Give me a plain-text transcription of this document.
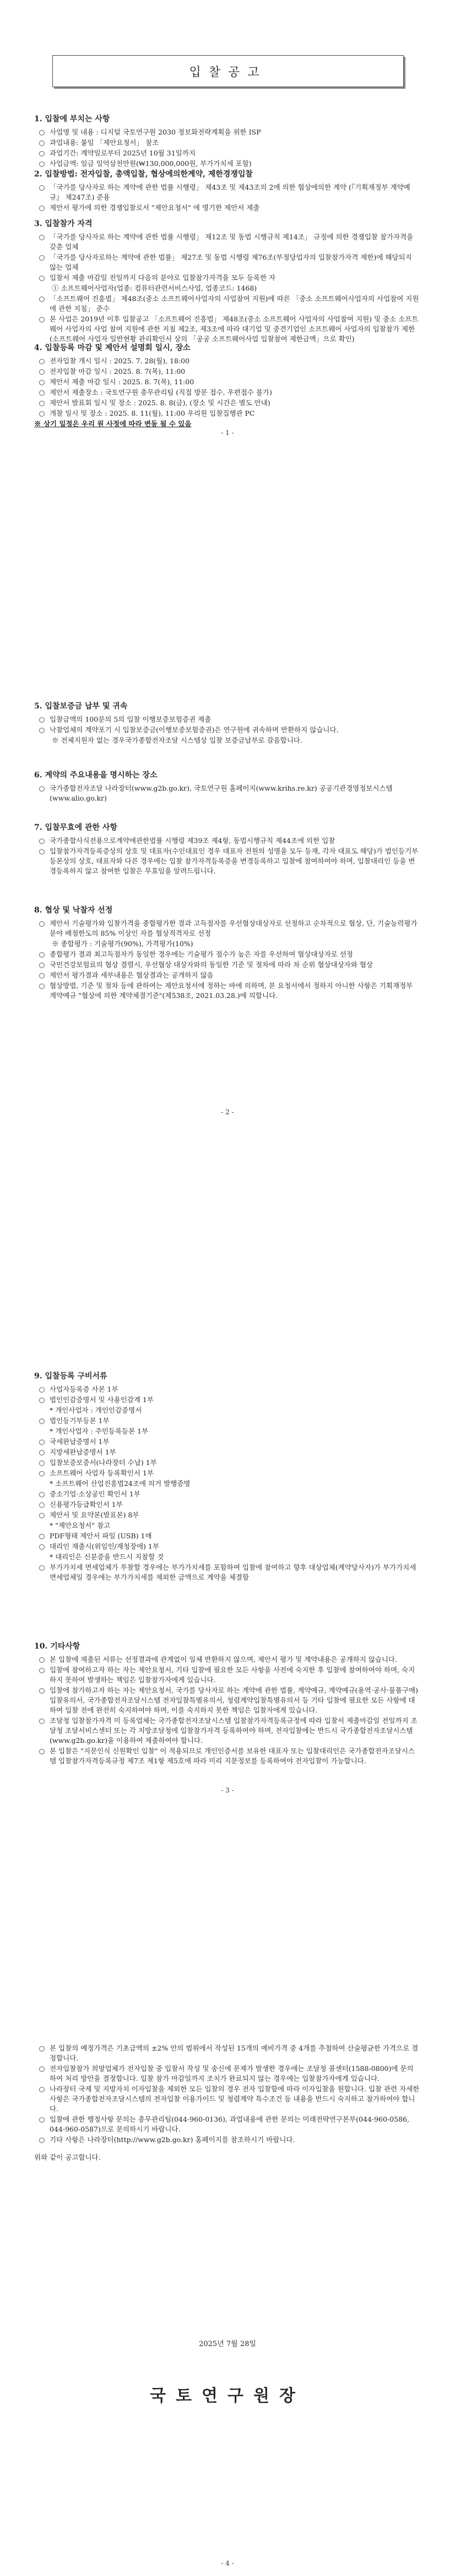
입찰공고
1. 입찰에 부치는 사항
○ 사업명 및 내용 : 디지털 국토연구원 2030 정보화전략계획을 위한 ISP
○ 과업내용: 붙임 「제안요청서」 참조
○ 과업기간: 계약일로부터 2025년 10월 31일까지
○ 사업금액: 일금 일억삼천만원(₩130,000,000원, 부가가치세 포함)
2. 입찰방법: 전자입찰, 총액입찰, 협상에의한계약, 제한경쟁입찰
○ 「국가를 당사자로 하는 계약에 관한 법률 시행령」 제43조 및 제43조의 2에 의한 협상에의한 계약 (『기획재정부 계약예규』 제247조) 준용
○ 제안서 평가에 의한 경쟁입찰로서 "제안요청서" 에 명기한 제안서 제출
3. 입찰참가 자격
○ 「국가를 당사자로 하는 계약에 관한 법률 시행령」 제12조 및 동법 시행규칙 제14조」 규정에 의한 경쟁입찰 참가자격을 갖춘 업체
○ 「국가를 당사자로하는 계약에 관한 법률」 제27조 및 동법 시행령 제76조(부정당업자의 입찰참가자격 제한)에 해당되지 않는 업체
○ 입찰서 제출 마감일 전일까지 다음의 분야로 입찰참가자격을 모두 등록한 자
① 소프트웨어사업자(업종: 컴퓨터관련서비스사업, 업종코드: 1468)
○ 「소프트웨어 진흥법」 제48조(중소 소프트웨어사업자의 사업참여 지원)에 따른 「중소 소프트웨어사업자의 사업참여 지원에 관한 지침」 준수
○ 본 사업은 2019년 이후 입찰공고 「소프트웨어 진흥법」 제48조(중소 소프트웨어 사업자의 사업참여 지원) 및 중소 소프트웨어 사업자의 사업 참여 지원에 관한 지침 제2조, 제3조에 따라 대기업 및 중견기업인 소프트웨어 사업자의 입찰참가 제한(소프트웨어 사업자 일반현황 관리확인서 상의 「공공 소프트웨어사업 입찰참여 제한금액」으로 확인)
4. 입찰등록 마감 및 제안서 설명회 일시, 장소
○ 전자입찰 개시 일시 : 2025. 7. 28(월), 18:00
○ 전자입찰 마감 일시 : 2025. 8. 7(목), 11:00
○ 제안서 제출 마감 일시 : 2025. 8. 7(목), 11:00
○ 제안서 제출장소 : 국토연구원 총무관리팀 (직접 방문 접수, 우편접수 불가)
○ 제안서 발표회 일시 및 장소 : 2025. 8. 8(금), (장소 및 시간은 별도 안내)
○ 개찰 일시 및 장소 : 2025. 8. 11(월), 11:00 우리원 입찰집행관 PC
※ 상기 일정은 우리 원 사정에 따라 변동 될 수 있음
- 1 -
5. 입찰보증금 납부 및 귀속
○ 입찰금액의 100분의 5의 입찰 이행보증보험증권 제출
○ 낙찰업체의 계약포기 시 입찰보증금(이행보증보험증권)은 연구원에 귀속하며 반환하지 않습니다.
※ 전체지원자 없는 경우국가종합전자조달 시스템상 입찰 보증금납부로 갈음합니다.
6. 계약의 주요내용을 명시하는 장소
○ 국가종합전자조달 나라장터(www.g2b.go.kr), 국토연구원 홈페이지(www.krihs.re.kr) 공공기관경영정보시스템(www.alio.go.kr)
7. 입찰무효에 관한 사항
○ 국가종합사식전용으로계약에관한법률 시행령 제39조 제4항, 동법시행규칙 제44조에 의한 입찰
○ 입찰참가자격등록증상의 상호 및 대표자(수인대표인 경우 대표자 전원의 성명을 모두 등재, 각자 대표도 해당)가 법인등기부등본상의 상호, 대표자와 다른 경우에는 입찰 참가자격등록증을 변경등록하고 입찰에 참여하여야 하며, 입찰대리인 등을 변경등록하지 않고 참여한 입찰은 무효임을 알려드립니다.
8. 협상 및 낙찰자 선정
○ 제안서 기술평가와 입찰가격을 종합평가한 결과 고득점자를 우선협상대상자로 선정하고 순차적으로 협상, 단, 기술능력평가분야 배점한도의 85% 이상인 자를 협상적격자로 선정
※ 종합평가 : 기술평가(90%), 가격평가(10%)
○ 종합평가 결과 최고득점자가 동일한 경우에는 기술평가 점수가 높은 자를 우선하여 협상대상자로 선정
○ 국민건강보험료의 협상 결렬시, 우선협상 대상자와의 동일한 기준 및 절차에 따라 차 순위 협상대상자와 협상
○ 제안서 평가결과 세부내용은 협상결과는 공개하지 않음
○ 협상방법, 기준 및 절차 등에 관하여는 제안요청서에 정하는 바에 의하며, 본 요청서에서 정하지 아니한 사항은 기획재정부 계약예규 "협상에 의한 계약체결기준"(제538조, 2021.03.28.)에 의합니다.
- 2 -
9. 입찰등록 구비서류
○ 사업자등록증 사본 1부
○ 법인인감증명서 및 사용인감계 1부
* 개인사업자 : 개인인감증명서
○ 법인등기부등본 1부
* 개인사업자 : 주민등록등본 1부
○ 국세완납증명서 1부
○ 지방세완납증명서 1부
○ 입찰보증보증서(나라장터 수납) 1부
○ 소프트웨어 사업자 등록확인서 1부
* 소프트웨어 산업진흥법24조에 의거 발행증명
○ 중소기업·소상공인 확인서 1부
○ 신용평가등급확인서 1부
○ 제안서 및 요약본(발표본) 8부
* "제안요청서" 참고
○ PDF형태 제안서 파일 (USB) 1매
○ 대리인 재출시(위임인/재청장에) 1부
* 대리인은 신분증을 반드시 지참할 것
○ 부가가치세 면세업체가 투찰할 경우에는 부가가치세를 포함하여 입찰에 참여하고 향후 대상업체(계약당사자)가 부가가치세 면세업체일 경우에는 부가가치세를 제외한 금액으로 계약을 체결함
10. 기타사항
○ 본 입찰에 제출된 서류는 선정결과에 관계없이 일체 반환하지 않으며, 제안서 평가 및 계약내용은 공개하지 않습니다.
○ 입찰에 참여하고자 하는 자는 제안요청서, 기타 입찰에 필요한 모든 사항을 사전에 숙지한 후 입찰에 참여하여야 하며, 숙지하지 못하여 발생하는 책임은 입찰참가자에게 있습니다.
○ 입찰에 참가하고자 하는 자는 제안요청서, 국가를 당사자로 하는 계약에 관한 법률, 계약예규, 계약예규(용역·공사·물품구매) 입찰유의서, 국가종합전자조달시스템 전자입찰특별유의서, 청렴계약입찰특별유의서 등 기타 입찰에 필요한 모든 사항에 대하여 입찰 전에 완전히 숙지하여야 하며, 이를 숙지하지 못한 책임은 입찰자에게 있습니다.
○ 조달청 입찰참가자격 미 등록업체는 국가종합전자조달시스템 입찰참가자격등록규정에 따라 입찰서 제출마감일 전일까지 조달청 조달서비스센터 또는 각 지방조달청에 입찰참가자격 등록하여야 하며, 전자입찰에는 반드시 국가종합전자조달시스템(www.g2b.go.kr)을 이용하여 제출하여야 합니다.
○ 본 입찰은 "지문인식 신원확인 입찰" 이 적용되므로 개인인증서를 보유한 대표자 또는 입찰대리인은 국가종합전자조달시스템 입찰참가자격등록규정 제7조 제1항 제5호에 따라 미리 지문정보를 등록하여야 전자입찰이 가능합니다.
- 3 -
○ 본 입찰의 예정가격은 기초금액의 ±2% 안의 범위에서 작성된 15개의 예비가격 중 4개를 추첨하여 산술평균한 가격으로 결정합니다.
○ 전자입찰참가 희망업체가 전자입찰 중 입찰서 작성 및 송신에 문제가 발생한 경우에는 조달청 콜센터(1588-0800)에 문의하여 처리 방안을 결정합니다. 입찰 참가 마감일까지 조치가 완료되지 않는 경우에는 입찰참가자에게 있습니다.
○ 나라장터 국제 및 지방자치 이자입찰을 제외한 모든 입찰의 경우 전자 입찰함에 따라 이자입찰을 원합니다. 입찰 관련 자세한 사항은 국가종합전자조달시스템의 전자입찰 이용가이드 및 청렴계약 특수조건 등 내용을 반드시 숙지하고 참가하여야 합니다.
○ 입찰에 관한 행정사항 문의는 총무관리팀(044-960-0136), 과업내용에 관한 문의는 미래전략연구본부(044-960-0586, 044-960-0587)으로 문의하시기 바랍니다.
○ 기타 사항은 나라장터(http://www.g2b.go.kr) 홈페이지를 참조하시기 바랍니다.
위와 같이 공고합니다.
2025년 7월 28일
국토연구원장
- 4 -
